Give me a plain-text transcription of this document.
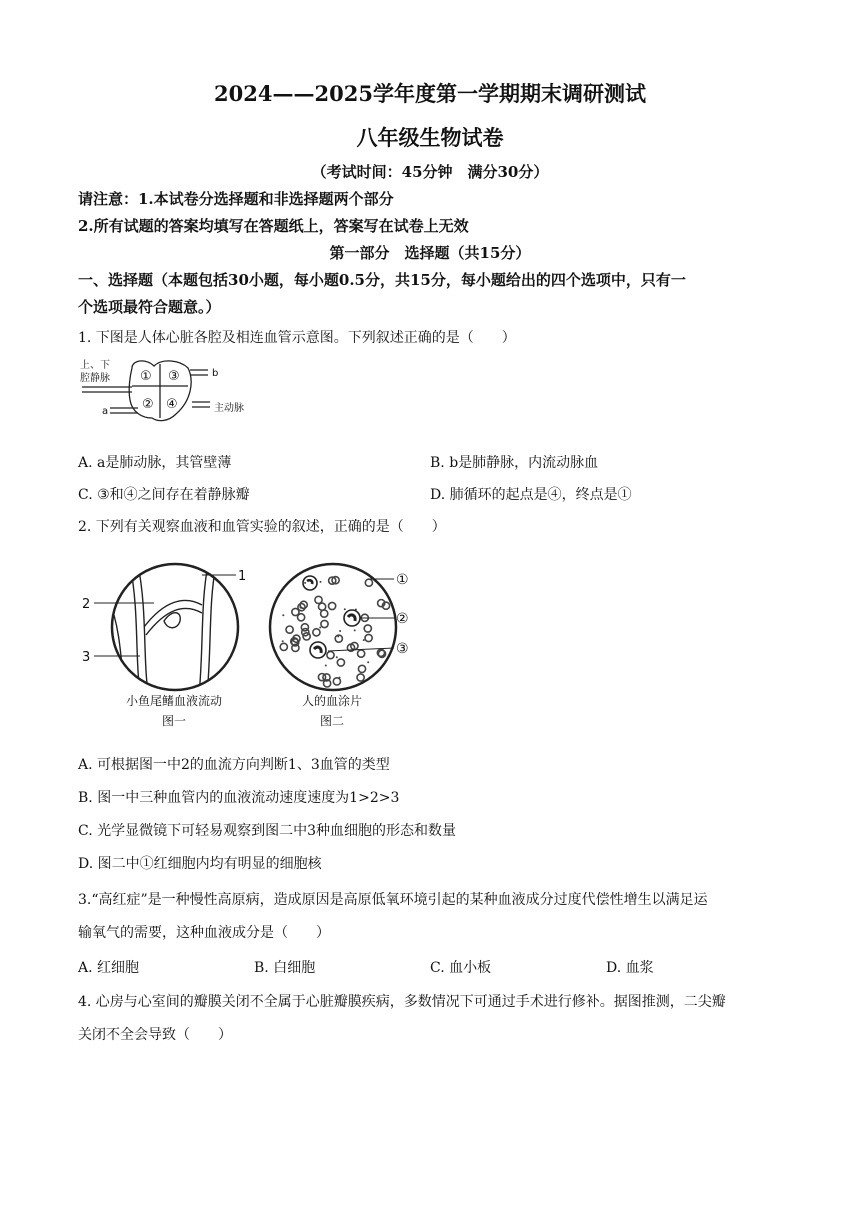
2024——2025学年度第一学期期末调研测试
八年级生物试卷
（考试时间：45分钟　满分30分）
请注意：1.本试卷分选择题和非选择题两个部分
2.所有试题的答案均填写在答题纸上，答案写在试卷上无效
第一部分　选择题（共15分）
一、选择题（本题包括30小题，每小题0.5分，共15分，每小题给出的四个选项中，只有一
个选项最符合题意。）
1. 下图是人体心脏各腔及相连血管示意图。下列叙述正确的是（　　）
上、下
腔静脉	b
a	主动脉
① ③
② ④
A. a是肺动脉，其管壁薄	B. b是肺静脉，内流动脉血
C. ③和④之间存在着静脉瓣	D. 肺循环的起点是④，终点是①
2. 下列有关观察血液和血管实验的叙述，正确的是（　　）
1
2
3
小鱼尾鳍血液流动
图一
①
②
③
人的血涂片
图二
A. 可根据图一中2的血流方向判断1、3血管的类型
B. 图一中三种血管内的血液流动速度速度为1>2>3
C. 光学显微镜下可轻易观察到图二中3种血细胞的形态和数量
D. 图二中①红细胞内均有明显的细胞核
3.“高红症”是一种慢性高原病，造成原因是高原低氧环境引起的某种血液成分过度代偿性增生以满足运
输氧气的需要，这种血液成分是（　　）
A. 红细胞	B. 白细胞	C. 血小板	D. 血浆
4. 心房与心室间的瓣膜关闭不全属于心脏瓣膜疾病，多数情况下可通过手术进行修补。据图推测，二尖瓣
关闭不全会导致（　　）
